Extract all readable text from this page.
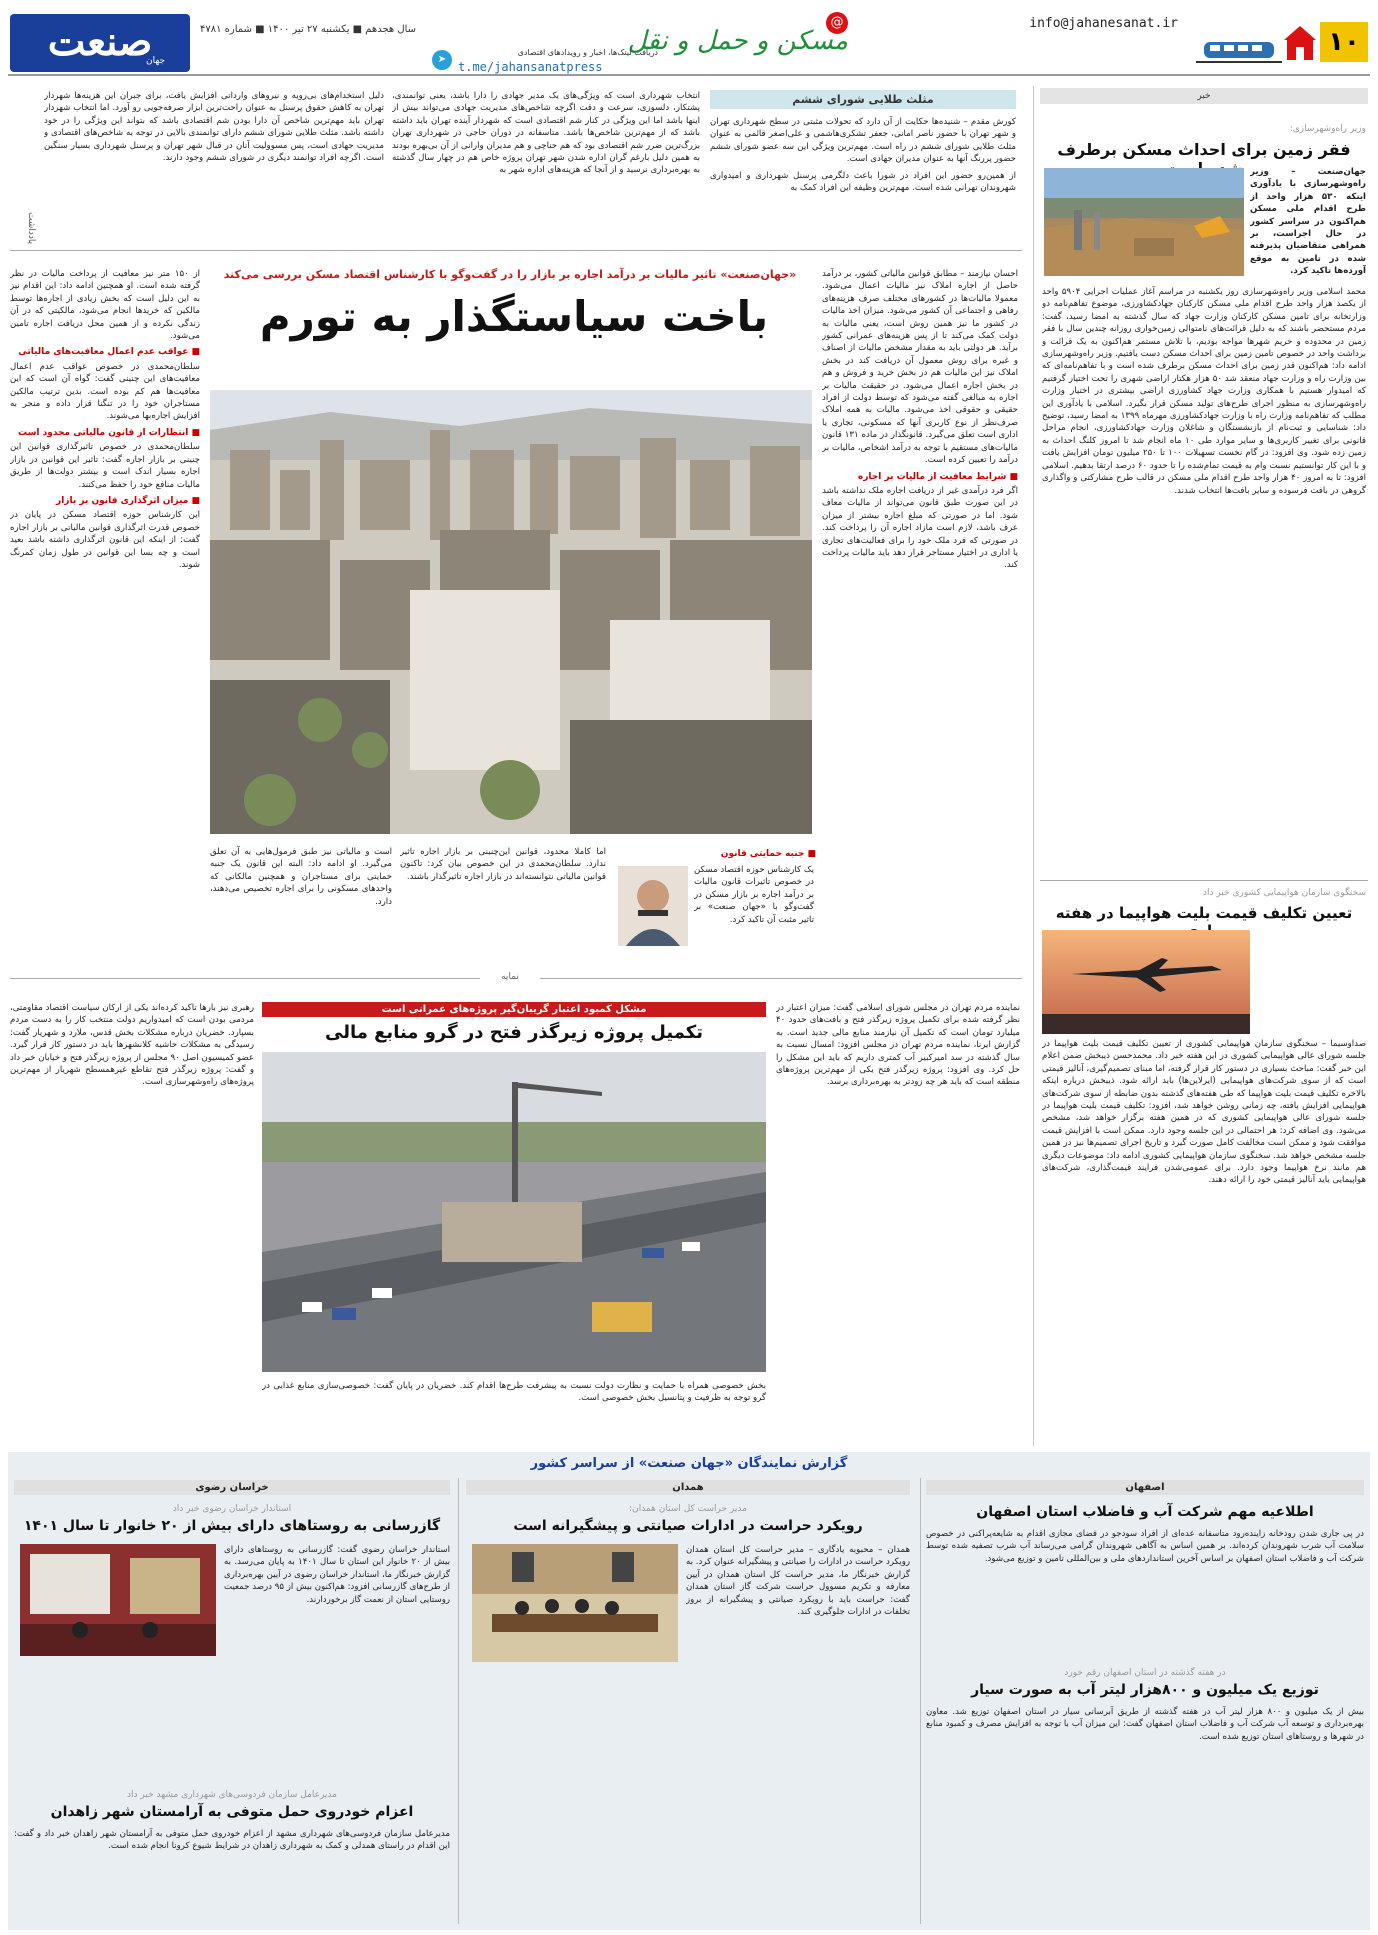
۱۰
info@jahanesanat.ir
@
مسکن و حمل و نقل
➤
دریافت لینک‌ها، اخبار و رویدادهای اقتصادی
t.me/jahansanatpress
سال هجدهم ■ یکشنبه ۲۷ تیر ۱۴۰۰ ■ شماره ۴۷۸۱
صنعت
جهان
خبر
وزیر راه‌وشهرسازی:
فقر زمین برای احداث مسکن برطرف
جهان‌صنعت – وزیر راه‌وشهرسازی با یادآوری اینکه ۵۳۰ هزار واحد از طرح اقدام ملی مسکن هم‌اکنون در سراسر کشور در حال اجراست، بر همراهی متقاضیان پذیرفته شده در تامین به موقع آورده‌ها تاکید کرد.
محمد اسلامی وزیر راه‌وشهرسازی روز یکشنبه در مراسم آغاز عملیات اجرایی ۵۹۰۴ واحد از یکصد هزار واحد طرح اقدام ملی مسکن کارکنان جهادکشاورزی، موضوع تفاهم‌نامه دو وزارتخانه برای تامین مسکن کارکنان وزارت جهاد که سال گذشته به امضا رسید، گفت: مردم مستحضر باشند که به دلیل قرائت‌های نامتوالی زمین‌خواری روزانه چندین سال با فقر زمین در محدوده و حریم شهرها مواجه بودیم، با تلاش مستمر هم‌اکنون به یک قرائت و برداشت واحد در خصوص تامین زمین برای احداث مسکن دست یافتیم. وزیر راه‌وشهرسازی ادامه داد: هم‌اکنون قدر زمین برای احداث مسکن برطرف شده است و با تفاهم‌نامه‌ای که بین وزارت راه و وزارت جهاد منعقد شد ۵۰ هزار هکتار اراضی شهری را تحت اختیار گرفتیم که امیدوار هستیم با همکاری وزارت جهاد کشاورزی اراضی بیشتری در اختیار وزارت راه‌وشهرسازی به منظور اجرای طرح‌های تولید مسکن قرار بگیرد. اسلامی با یادآوری این مطلب که تفاهم‌نامه وزارت راه با وزارت جهادکشاورزی مهرماه ۱۳۹۹ به امضا رسید، توضیح داد: شناسایی و ثبت‌نام از بازنشستگان و شاغلان وزارت جهادکشاورزی، انجام مراحل قانونی برای تغییر کاربری‌ها و سایر موارد طی ۱۰ ماه انجام شد تا امروز کلنگ احداث به زمین زده شود. وی افزود: در گام نخست تسهیلات ۱۰۰ تا ۲۵۰ میلیون تومان افزایش یافت و با این کار توانستیم نسبت وام به قیمت تمام‌شده را تا حدود ۶۰ درصد ارتقا بدهیم. اسلامی افزود: تا به امروز ۴۰ هزار واحد طرح اقدام ملی مسکن در قالب طرح مشارکتی و واگذاری گروهی در بافت فرسوده و سایر بافت‌ها انتخاب شدند.
سخنگوی سازمان هواپیمایی کشوری خبر داد
تعیین تکلیف قیمت بلیت هواپیما در هفته
صداوسیما – سخنگوی سازمان هواپیمایی کشوری از تعیین تکلیف قیمت بلیت هواپیما در جلسه شورای عالی هواپیمایی کشوری در این هفته خبر داد. محمدحسن ذیبخش ضمن اعلام این خبر گفت: مباحث بسیاری در دستور کار قرار گرفته، اما مبنای تصمیم‌گیری، آنالیز قیمتی است که از سوی شرکت‌های هواپیمایی (ایرلاین‌ها) باید ارائه شود. ذیبخش درباره اینکه بالاخره تکلیف قیمت بلیت هواپیما که طی هفته‌های گذشته بدون ضابطه از سوی شرکت‌های هواپیمایی افزایش یافته، چه زمانی روشن خواهد شد، افزود: تکلیف قیمت بلیت هواپیما در جلسه شورای عالی هواپیمایی کشوری که در همین هفته برگزار خواهد شد، مشخص می‌شود. وی اضافه کرد: هر احتمالی در این جلسه وجود دارد. ممکن است با افزایش قیمت موافقت شود و ممکن است مخالفت کامل صورت گیرد و تاریخ اجرای تصمیم‌ها نیز در همین جلسه مشخص خواهد شد. سخنگوی سازمان هواپیمایی کشوری ادامه داد: موضوعات دیگری هم مانند نرخ هواپیما وجود دارد. برای عمومی‌شدن فرایند قیمت‌گذاری، شرکت‌های هواپیمایی باید آنالیز قیمتی خود را ارائه دهند.
مثلث طلایی شورای ششم

کورش مقدم – شنیده‌ها حکایت از آن دارد که تحولات مثبتی در سطح شهرداری تهران و شهر تهران با حضور ناصر امانی، جعفر تشکری‌هاشمی و علی‌اصغر قائمی به عنوان مثلث طلایی شورای ششم در راه است. مهم‌ترین ویژگی این سه عضو شورای ششم حضور پررنگ آنها به عنوان مدیران جهادی است.

از همین‌رو حضور این افراد در شورا باعث دلگرمی پرسنل شهرداری و امیدواری شهروندان تهرانی شده است. مهم‌ترین وظیفه این افراد کمک به

انتخاب شهرداری است که ویژگی‌های یک مدیر جهادی را دارا باشد، یعنی توانمندی، پشتکار، دلسوزی، سرعت و دقت اگرچه شاخص‌های مدیریت جهادی می‌تواند بیش از اینها باشد اما این ویژگی در کنار شم اقتصادی است که شهردار آینده تهران باید داشته باشد که از مهم‌ترین شاخص‌ها باشد. متاسفانه در دوران حاجی در شهرداری تهران بزرگ‌ترین ضرر شم اقتصادی بود که هم حناچی و هم مدیران وارانی از آن بی‌بهره بودند به همین دلیل بارغم گران اداره شدن شهر تهران پروژه خاص هم در چهار سال گذشته به بهره‌برداری نرسید و از آنجا که هزینه‌های اداره شهر به
دلیل استخدام‌های بی‌رویه و نیروهای وارداتی افزایش یافت، برای جبران این هزینه‌ها شهردار تهران به کاهش حقوق پرسنل به عنوان راحت‌ترین ابزار صرفه‌جویی رو آورد. اما انتخاب شهردار تهران باید مهم‌ترین شاخص آن دارا بودن شم اقتصادی باشد که بتواند این ویژگی را در خود داشته باشد. مثلث طلایی شورای ششم دارای توانمندی بالایی در توجه به شاخص‌های اقتصادی و مدیریت جهادی است، پس مسوولیت آنان در قبال شهر تهران و پرسنل شهرداری بسیار سنگین است. اگرچه افراد توانمند دیگری در شورای ششم وجود دارند.
یادداشت
«جهان‌صنعت» تاثیر مالیات بر درآمد اجاره بر بازار را در گفت‌وگو با کارشناس اقتصاد مسکن بررسی می‌کند
باخت سیاستگذار به تورم

احسان نیازمند – مطابق قوانین مالیاتی کشور، بر درآمد حاصل از اجاره املاک نیز مالیات اعمال می‌شود. معمولا مالیات‌ها در کشورهای مختلف صرف هزینه‌های رفاهی و اجتماعی آن کشور می‌شود. میزان اخذ مالیات در کشور ما نیز همین روش است، یعنی مالیات به دولت کمک می‌کند تا از پس هزینه‌های عمرانی کشور برآید. هر دولتی باید به مقدار مشخص مالیات از اصناف و غیره برای روش معمول آن دریافت کند در بخش املاک نیز این مالیات هم در بخش خرید و فروش و هم در بخش اجاره اعمال می‌شود. در حقیقت مالیات بر اجاره به مبالغی گفته می‌شود که توسط دولت از افراد حقیقی و حقوقی اخذ می‌شود. مالیات به همه املاک صرف‌نظر از نوع کاربری آنها که مسکونی، تجاری یا اداری است تعلق می‌گیرد. قانونگذار در ماده ۱۳۱ قانون مالیات‌های مستقیم با توجه به درآمد اشخاص، مالیات بر درآمد را تعیین کرده است.

■ شرایط معافیت از مالیات بر اجاره

اگر فرد درآمدی غیر از دریافت اجاره ملک نداشته باشد در این صورت طبق قانون می‌تواند از مالیات معاف شود. اما در صورتی که مبلغ اجاره بیشتر از میزان عرف باشد، لازم است مازاد اجاره آن را پرداخت کند. در صورتی که فرد ملک خود را برای فعالیت‌های تجاری یا اداری در اختیار مستاجر قرار دهد باید مالیات پرداخت کند.

از ۱۵۰ متر نیز معافیت از پرداخت مالیات در نظر گرفته شده است. او همچنین ادامه داد: این اقدام نیز به این دلیل است که بخش زیادی از اجاره‌ها توسط مالکین که خریدها انجام می‌شود، مالکیتی که در آن زندگی نکرده و از همین محل دریافت اجاره تامین می‌شود.

■ عواقب عدم اعمال معافیت‌های مالیاتی

سلطان‌محمدی در خصوص عواقب عدم اعمال معافیت‌های این چنینی گفت: گواه آن است که این معافیت‌ها هم کم بوده است. بدین ترتیب مالکین مستاجران خود را در تنگنا قرار داده و منجر به افزایش اجاره‌بها می‌شوند.

■ انتظارات از قانون مالیاتی محدود است

سلطان‌محمدی در خصوص تاثیرگذاری قوانین این چنینی بر بازار اجاره گفت: تاثیر این قوانین در بازار اجاره بسیار اندک است و بیشتر دولت‌ها از طریق مالیات منافع خود را حفظ می‌کنند.

■ میزان اثرگذاری قانون بر بازار

این کارشناس حوزه اقتصاد مسکن در پایان در خصوص قدرت اثرگذاری قوانین مالیاتی بر بازار اجاره گفت: از اینکه این قانون اثرگذاری داشته باشد بعید است و چه بسا این قوانین در طول زمان کمرنگ شوند.

■ جنبه حمایتی قانون
یک کارشناس حوزه اقتصاد مسکن در خصوص تاثیرات قانون مالیات بر درآمد اجاره بر بازار مسکن در گفت‌وگو با «جهان صنعت» بر تاثیر مثبت آن تاکید کرد.
اما کاملا محدود، قوانین این‌چنینی بر بازار اجاره تاثیر ندارد. سلطان‌محمدی در این خصوص بیان کرد: تاکنون قوانین مالیاتی نتوانسته‌اند در بازار اجاره تاثیرگذار باشند.
است و مالیاتی نیز طبق فرمول‌هایی به آن تعلق می‌گیرد. او ادامه داد: البته این قانون یک جنبه حمایتی برای مستاجران و همچنین مالکانی که واحدهای مسکونی را برای اجاره تخصیص می‌دهند، دارد.
نمایه
مشکل کمبود اعتبار گریبان‌گیر پروژه‌های عمرانی است
تکمیل پروژه زیرگذر فتح در گرو منابع مالی
نماینده مردم تهران در مجلس شورای اسلامی گفت: میزان اعتبار در نظر گرفته شده برای تکمیل پروژه زیرگذر فتح و بافت‌های حدود ۴۰ میلیارد تومان است که تکمیل آن نیازمند منابع مالی جدید است. به گزارش ایرنا، نماینده مردم تهران در مجلس افزود: امسال نسبت به سال گذشته در سد امیرکبیر آب کمتری داریم که باید این مشکل را حل کرد. وی افزود: پروژه زیرگذر فتح یکی از مهم‌ترین پروژه‌های منطقه است که باید هر چه زودتر به بهره‌برداری برسد.
رهبری نیز بارها تاکید کرده‌اند یکی از ارکان سیاست اقتصاد مقاومتی، مردمی بودن است که امیدواریم دولت منتخب کار را به دست مردم بسپارد. خضریان درباره مشکلات بخش قدس، ملارد و شهریار گفت: رسیدگی به مشکلات حاشیه کلانشهرها باید در دستور کار قرار گیرد. عضو کمیسیون اصل ۹۰ مجلس از پروژه زیرگذر فتح و خیابان خبر داد و گفت: پروژه زیرگذر فتح تقاطع غیرهمسطح شهریار از مهم‌ترین پروژه‌های راه‌وشهرسازی است.
بخش خصوصی همراه با حمایت و نظارت دولت نسبت به پیشرفت طرح‌ها اقدام کند. خضریان در پایان گفت: خصوصی‌سازی منابع غذایی در گرو توجه به ظرفیت و پتانسیل بخش خصوصی است.
گزارش نمایندگان «جهان صنعت» از سراسر کشور
اصفهان
اطلاعیه مهم شرکت آب و فاضلاب استان اصفهان
در پی جاری شدن رودخانه زاینده‌رود متاسفانه عده‌ای از افراد سودجو در فضای مجازی اقدام به شایعه‌پراکنی در خصوص سلامت آب شرب شهروندان کرده‌اند. بر همین اساس به آگاهی شهروندان گرامی می‌رساند آب شرب تصفیه شده توسط شرکت آب و فاضلاب استان اصفهان بر اساس آخرین استانداردهای ملی و بین‌المللی تامین و توزیع می‌شود.
در هفته گذشته در استان اصفهان رقم خورد
توزیع یک میلیون و ۸۰۰هزار لیتر آب به صورت سیار
بیش از یک میلیون و ۸۰۰ هزار لیتر آب در هفته گذشته از طریق آبرسانی سیار در استان اصفهان توزیع شد. معاون بهره‌برداری و توسعه آب شرکت آب و فاضلاب استان اصفهان گفت: این میزان آب با توجه به افزایش مصرف و کمبود منابع در شهرها و روستاهای استان توزیع شده است.
همدان
مدیر حراست کل استان همدان:
رویکرد حراست در ادارات صیانتی و پیشگیرانه است
همدان – محبوبه یادگاری – مدیر حراست کل استان همدان رویکرد حراست در ادارات را صیانتی و پیشگیرانه عنوان کرد. به گزارش خبرنگار ما، مدیر حراست کل استان همدان در آیین معارفه و تکریم مسوول حراست شرکت گاز استان همدان گفت: حراست باید با رویکرد صیانتی و پیشگیرانه از بروز تخلفات در ادارات جلوگیری کند.
خراسان رضوی
استاندار خراسان رضوی خبر داد
گازرسانی به روستاهای دارای بیش از ۲۰ خانوار تا سال ۱۴۰۱
استاندار خراسان رضوی گفت: گازرسانی به روستاهای دارای بیش از ۲۰ خانوار این استان تا سال ۱۴۰۱ به پایان می‌رسد. به گزارش خبرنگار ما، استاندار خراسان رضوی در آیین بهره‌برداری از طرح‌های گازرسانی افزود: هم‌اکنون بیش از ۹۵ درصد جمعیت روستایی استان از نعمت گاز برخوردارند.
مدیرعامل سازمان فردوسی‌های شهرداری مشهد خبر داد
اعزام خودروی حمل متوفی به آرامستان شهر زاهدان
مدیرعامل سازمان فردوسی‌های شهرداری مشهد از اعزام خودروی حمل متوفی به آرامستان شهر زاهدان خبر داد و گفت: این اقدام در راستای همدلی و کمک به شهرداری زاهدان در شرایط شیوع کرونا انجام شده است.
